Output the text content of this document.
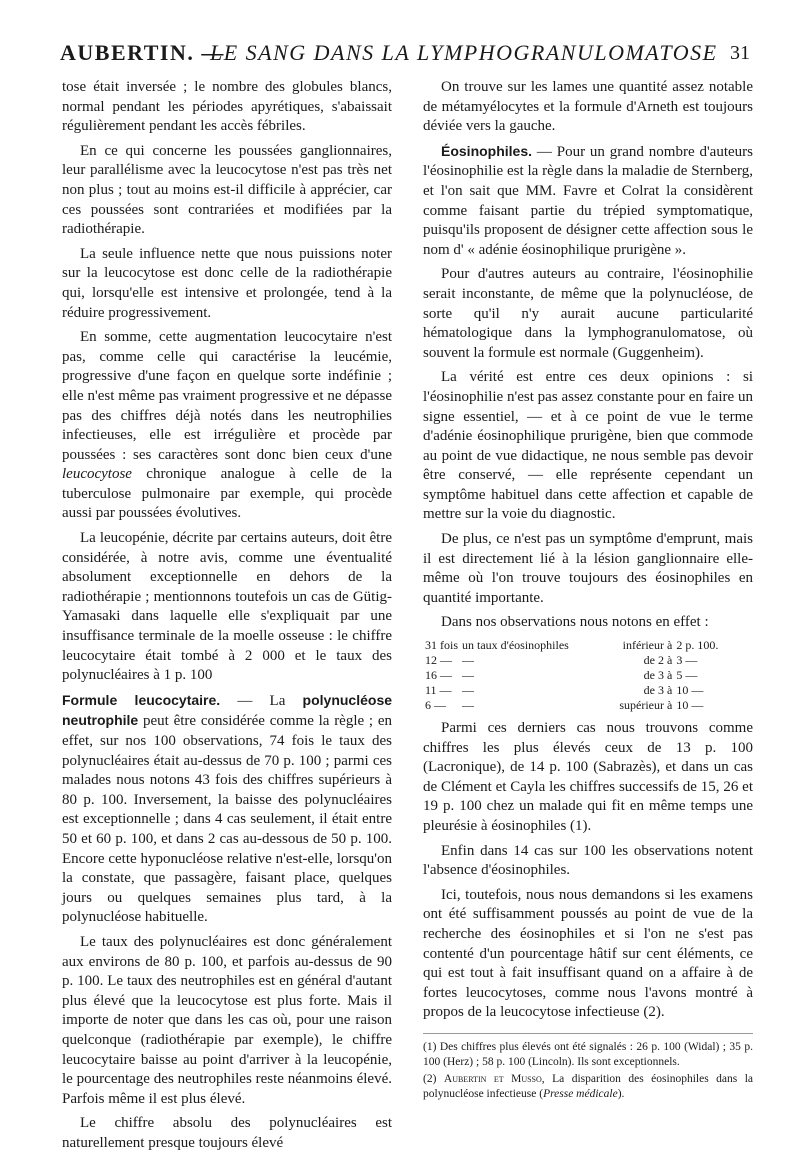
AUBERTIN. —
LE SANG DANS LA LYMPHOGRANULOMATOSE 31

tose était inversée ; le nombre des globules blancs, normal pendant les périodes apyrétiques, s'abaissait régulièrement pendant les accès fébriles.

En ce qui concerne les poussées ganglionnaires, leur parallélisme avec la leucocytose n'est pas très net non plus ; tout au moins est-il difficile à apprécier, car ces poussées sont contrariées et modifiées par la radiothérapie.

La seule influence nette que nous puissions noter sur la leucocytose est donc celle de la radiothérapie qui, lorsqu'elle est intensive et prolongée, tend à la réduire progressivement.

En somme, cette augmentation leucocytaire n'est pas, comme celle qui caractérise la leucémie, progressive d'une façon en quelque sorte indéfinie ; elle n'est même pas vraiment progressive et ne dépasse pas des chiffres déjà notés dans les neutrophilies infectieuses, elle est irrégulière et procède par poussées : ses caractères sont donc bien ceux d'une leucocytose chronique analogue à celle de la tuberculose pulmonaire par exemple, qui procède aussi par poussées évolutives.

La leucopénie, décrite par certains auteurs, doit être considérée, à notre avis, comme une éventualité absolument exceptionnelle en dehors de la radiothérapie ; mentionnons toutefois un cas de Gütig-Yamasaki dans laquelle elle s'expliquait par une insuffisance terminale de la moelle osseuse : le chiffre leucocytaire était tombé à 2 000 et le taux des polynucléaires à 1 p. 100

Formule leucocytaire. — La polynucléose neutrophile peut être considérée comme la règle ; en effet, sur nos 100 observations, 74 fois le taux des polynucléaires était au-dessus de 70 p. 100 ; parmi ces malades nous notons 43 fois des chiffres supérieurs à 80 p. 100. Inversement, la baisse des polynucléaires est exceptionnelle ; dans 4 cas seulement, il était entre 50 et 60 p. 100, et dans 2 cas au-dessous de 50 p. 100. Encore cette hyponucléose relative n'est-elle, lorsqu'on la constate, que passagère, faisant place, quelques jours ou quelques semaines plus tard, à la polynucléose habituelle.

Le taux des polynucléaires est donc généralement aux environs de 80 p. 100, et parfois au-dessus de 90 p. 100. Le taux des neutrophiles est en général d'autant plus élevé que la leucocytose est plus forte. Mais il importe de noter que dans les cas où, pour une raison quelconque (radiothérapie par exemple), le chiffre leucocytaire baisse au point d'arriver à la leucopénie, le pourcentage des neutrophiles reste néanmoins élevé. Parfois même il est plus élevé.

Le chiffre absolu des polynucléaires est naturellement presque toujours élevé

On trouve sur les lames une quantité assez notable de métamyélocytes et la formule d'Arneth est toujours déviée vers la gauche.

Éosinophiles. — Pour un grand nombre d'auteurs l'éosinophilie est la règle dans la maladie de Sternberg, et l'on sait que MM. Favre et Colrat la considèrent comme faisant partie du trépied symptomatique, puisqu'ils proposent de désigner cette affection sous le nom d' « adénie éosinophilique prurigène ».

Pour d'autres auteurs au contraire, l'éosinophilie serait inconstante, de même que la polynucléose, de sorte qu'il n'y aurait aucune particularité hématologique dans la lymphogranulomatose, où souvent la formule est normale (Guggenheim).

La vérité est entre ces deux opinions : si l'éosinophilie n'est pas assez constante pour en faire un signe essentiel, — et à ce point de vue le terme d'adénie éosinophilique prurigène, bien que commode au point de vue didactique, ne nous semble pas devoir être conservé, — elle représente cependant un symptôme habituel dans cette affection et capable de mettre sur la voie du diagnostic.

De plus, ce n'est pas un symptôme d'emprunt, mais il est directement lié à la lésion ganglionnaire elle-même où l'on trouve toujours des éosinophiles en quantité importante.

Dans nos observations nous notons en effet :

31 fois	un taux d'éosinophiles	inférieur à	2 p. 100.
12 —	—	de 2 à	3 —
16 —	—	de 3 à	5 —
11 —	—	de 3 à	10 —
6 —	—	supérieur à	10 —

Parmi ces derniers cas nous trouvons comme chiffres les plus élevés ceux de 13 p. 100 (Lacronique), de 14 p. 100 (Sabrazès), et dans un cas de Clément et Cayla les chiffres successifs de 15, 26 et 19 p. 100 chez un malade qui fit en même temps une pleurésie à éosinophiles (1).

Enfin dans 14 cas sur 100 les observations notent l'absence d'éosinophiles.

Ici, toutefois, nous nous demandons si les examens ont été suffisamment poussés au point de vue de la recherche des éosinophiles et si l'on ne s'est pas contenté d'un pourcentage hâtif sur cent éléments, ce qui est tout à fait insuffisant quand on a affaire à de fortes leucocytoses, comme nous l'avons montré à propos de la leucocytose infectieuse (2).

(1) Des chiffres plus élevés ont été signalés : 26 p. 100 (Widal) ; 35 p. 100 (Herz) ; 58 p. 100 (Lincoln). Ils sont exceptionnels.

(2) Aubertin et Musso, La disparition des éosinophiles dans la polynucléose infectieuse (Presse médicale).
